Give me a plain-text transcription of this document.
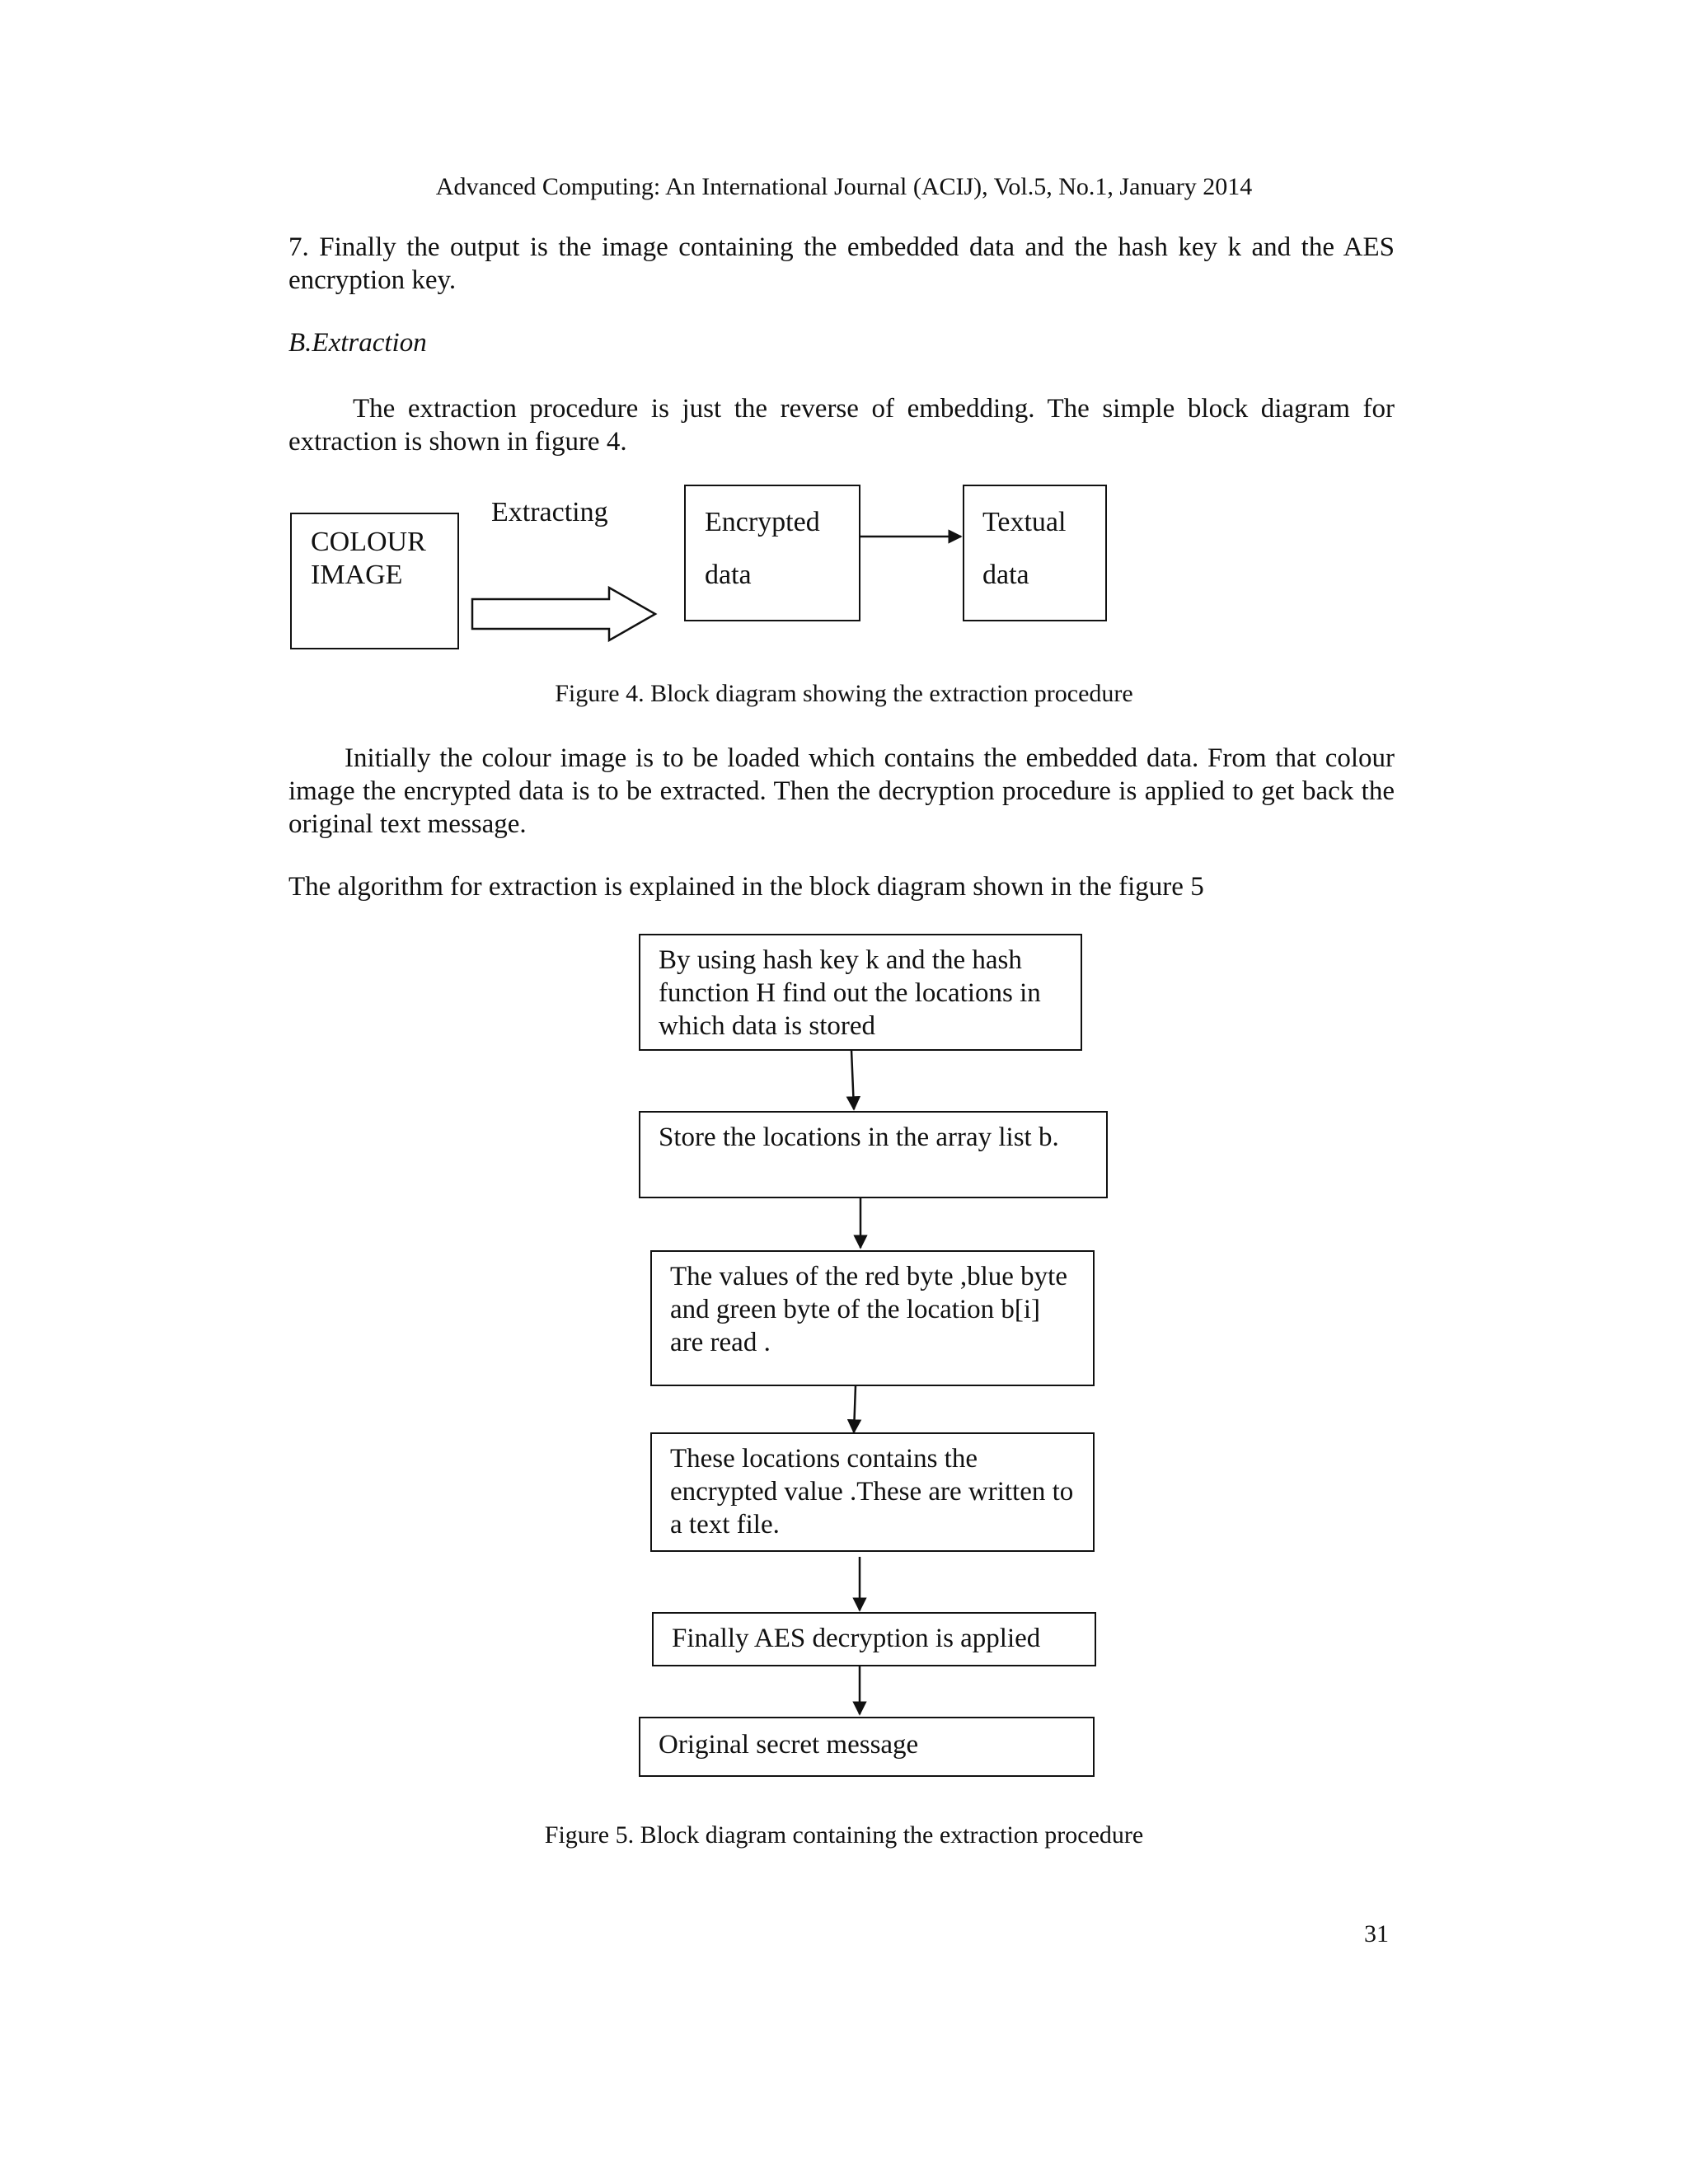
Advanced Computing: An International Journal (ACIJ), Vol.5, No.1, January 2014
7. Finally the output is the image containing the embedded data and the hash key k and the AES encryption key.
B.Extraction
The extraction procedure is just the reverse of embedding. The simple block diagram for extraction is shown in figure 4.
COLOUR
IMAGE
Extracting	Encrypted
data
Textual
data
Figure 4. Block diagram showing the extraction procedure
Initially the colour image is to be loaded which contains the embedded data. From that colour image the encrypted data is to be extracted. Then the decryption procedure is applied to get back the original text message.
The algorithm for extraction is explained in the block diagram shown in the figure 5
By using hash key k and the hash function H find out the locations in which data is stored
Store the locations in the array list b.
The values of the red byte ,blue byte and green byte of the location b[i] are read .
These locations contains the encrypted value .These are written to a text file.
Finally AES decryption is applied
Original secret message
Figure 5. Block diagram containing the extraction procedure
31
